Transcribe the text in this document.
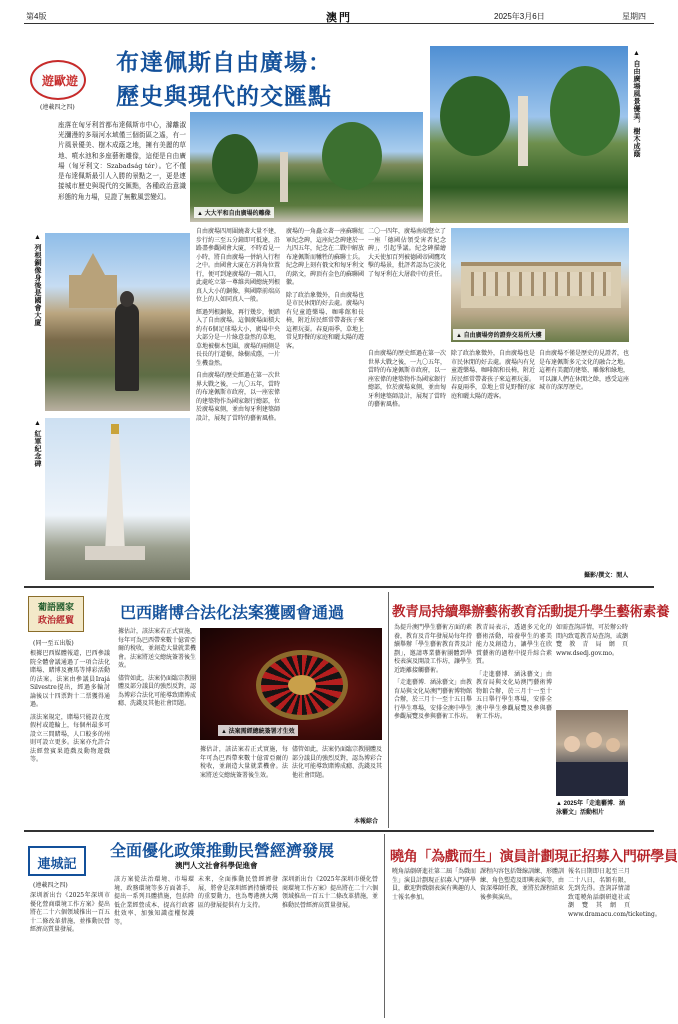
第4版	澳門	2025年3月6日	星期四
遊歐遊
(連載四之四)
布達佩斯自由廣場：
歷史與現代的交匯點
座落在匈牙利首都布達佩斯市中心，滌離淑光瀰漫的多瑙河水域僅三個街區之遙，有一片風景優美、樹木成蔭之地，擁有美麗的草地、噴水池和多座藝術雕像，這便是自由廣場（匈牙利文：Szabadság tér）。它不僅是布達佩斯最引人入勝的景點之一，更是連接城市歷史與現代的交匯點，各種政治意識形態的角力場，見證了無數風雲變幻。
▲ 大大平和自由廣場的雕像
▲ 自由廣場風景優美，樹木成蔭
▲ 列根銅像身後是國會大廈
▲ 紅軍紀念碑

自由廣場四周圍繞著大量不建，步行約三至五分鐘即可抵達，沿路盡參觀國會大廈，不時看見一小時，將自由廣場一併納入行程之中。由國會大廈在方斜角位置行，便可到達廣場的一隅入口，此處屹立第一尊維共國總統列根真人大小的銅像，與國際前端高位上的人如同真人一般。

經過列根銅像，再行幾步，便踏入了自由廣場。這個廣場面積大約有6個足球場大小，廣場中央大部分是一片綠意盎然的草地，草地被樹木包圍，廣場的兩側是長長的行道樹，綠樹成蔭，一片生機盎然。

自由廣場的歷史經過在第一次世界大戰之後，一九〇五年，當時的布達佩斯市政府，以一座宏偉的建築物作為國家銀行總部，位於廣場東側，並由匈牙利建築師設計，展現了當時的藝術風格。

廣場的一角矗立著一座蘇聯紅軍紀念碑，這座紀念碑建於一九四五年，紀念在二戰中解放布達佩斯而犧牲的蘇聯士兵。紀念碑上刻有俄文和匈牙利文的銘文，碑頂有金色的蘇聯國徽。

除了政治象徵外，自由廣場也是市民休閒的好去處。廣場內有兒童遊樂場、咖啡館和長椅，附近居民經常帶著孩子來這裡玩耍。春夏兩季，草地上常見野餐的家庭和曬太陽的遊客。

二〇一四年，廣場南端豎立了一座「德國佔領受害者紀念碑」，引起爭議。紀念碑描繪大天使加百列被德國帝國鷹攻擊的場景，批評者認為它淡化了匈牙利在大屠殺中的責任。

▲ 自由廣場旁的證券交易所大樓

自由廣場的歷史經過在第一次世界大戰之後，一九〇五年，當時的布達佩斯市政府，以一座宏偉的建築物作為國家銀行總部，位於廣場東側，並由匈牙利建築師設計，展現了當時的藝術風格。

除了政治象徵外，自由廣場也是市民休閒的好去處。廣場內有兒童遊樂場、咖啡館和長椅，附近居民經常帶著孩子來這裡玩耍。春夏兩季，草地上常見野餐的家庭和曬太陽的遊客。

自由廣場不僅是歷史的見證者，也是布達佩斯多元文化的融合之地。這裡有美麗的建築、雕像和綠地，可以讓人們在休閒之餘，感受這座城市的深厚歷史。

攝影/撰文：閒人
葡語國家
政治經貿
(同一至五出版)
巴西賭博合法化法案獲國會通過

根據巴西媒體報道，巴西參議院全體會議通過了一項合法化賭場、賭博及賽馬等博彩活動的法案。法案由參議員Irajá Silvestre提出，經過多輪討論後以十四票對十二票獲得通過。

該法案規定，賭場只能設在度假村或遊輪上，每個州最多可設立三間賭場，人口較多的州則可設立更多。法案亦允許合法經營賓果遊戲及動物遊戲等。

據估計，該法案若正式實施，每年可為巴西帶來數十億雷亞爾的稅收，並創造大量就業機會。法案將送交總統簽署後生效。

儘管如此，法案仍面臨宗教團體及部分議員的強烈反對，認為博彩合法化可能導致賭博成癮、洗錢及其他社會問題。

▲ 法案需經總統簽署才生效

據估計，該法案若正式實施，每年可為巴西帶來數十億雷亞爾的稅收，並創造大量就業機會。法案將送交總統簽署後生效。

儘管如此，法案仍面臨宗教團體及部分議員的強烈反對，認為博彩合法化可能導致賭博成癮、洗錢及其他社會問題。

本報綜合
教青局持續舉辦藝術教育活動提升學生藝術素養

為提升澳門學生藝術方面的素養，教育及青年發展局每年持續舉辦「學生藝術教育普及計劃」，邀請專業藝術團體到學校表演及開設工作坊，讓學生近距離接觸藝術。

「走進藝博．涵泳藝文」由教育局與文化局澳門藝術博物館合辦，於三月十一至十五日舉行學生專場，安排全澳中學生參觀展覽及參與藝術工作坊。

教青局表示，透過多元化的藝術活動，培養學生的審美能力及創造力，讓學生在欣賞藝術的過程中提升綜合素質。

「走進藝博．涵泳藝文」由教育局與文化局澳門藝術博物館合辦，於三月十一至十五日舉行學生專場，安排全澳中學生參觀展覽及參與藝術工作坊。

如需查詢詳情，可於辦公時間內致電教青局查詢，或瀏覽教青局網頁www.dsedj.gov.mo。

▲ 2025年「走進藝博．涵泳藝文」活動相片
連城記
(連載四之四)
全面優化政策推動民營經濟發展
澳門人文社會科學促進會

深圳新出台《2025年深圳市優化營商環境工作方案》提出將在二十六個領域推出一百五十二條改革措施，並推動民營經濟高質量發展。

該方案從法治環境、市場環境、政務環境等多方面著手，提出一系列具體措施，包括降低企業經營成本、提高行政審批效率、加強知識產權保護等。

未來，全面推動民營經濟發展，將會是深圳經濟持續增長的重要動力，也為粵港澳大灣區的發展提供有力支持。

深圳新出台《2025年深圳市優化營商環境工作方案》提出將在二十六個領域推出一百五十二條改革措施，並推動民營經濟高質量發展。

曉角「為戲而生」演員計劃現正招募入門研學員

曉角話劇研進社第二屆「為戲而生」演員計劃現正招募入門研學員，歡迎對戲劇表演有興趣的人士報名參加。

課程內容包括聲線訓練、形體訓練、角色塑造及即興表演等，由資深導師任教，並將於課程結束後參與演出。

報名日期即日起至三月二十八日，名額有限，先到先得。查詢詳情請致電曉角話劇研進社或瀏覽其網頁www.dramacu.com/ticketing。
